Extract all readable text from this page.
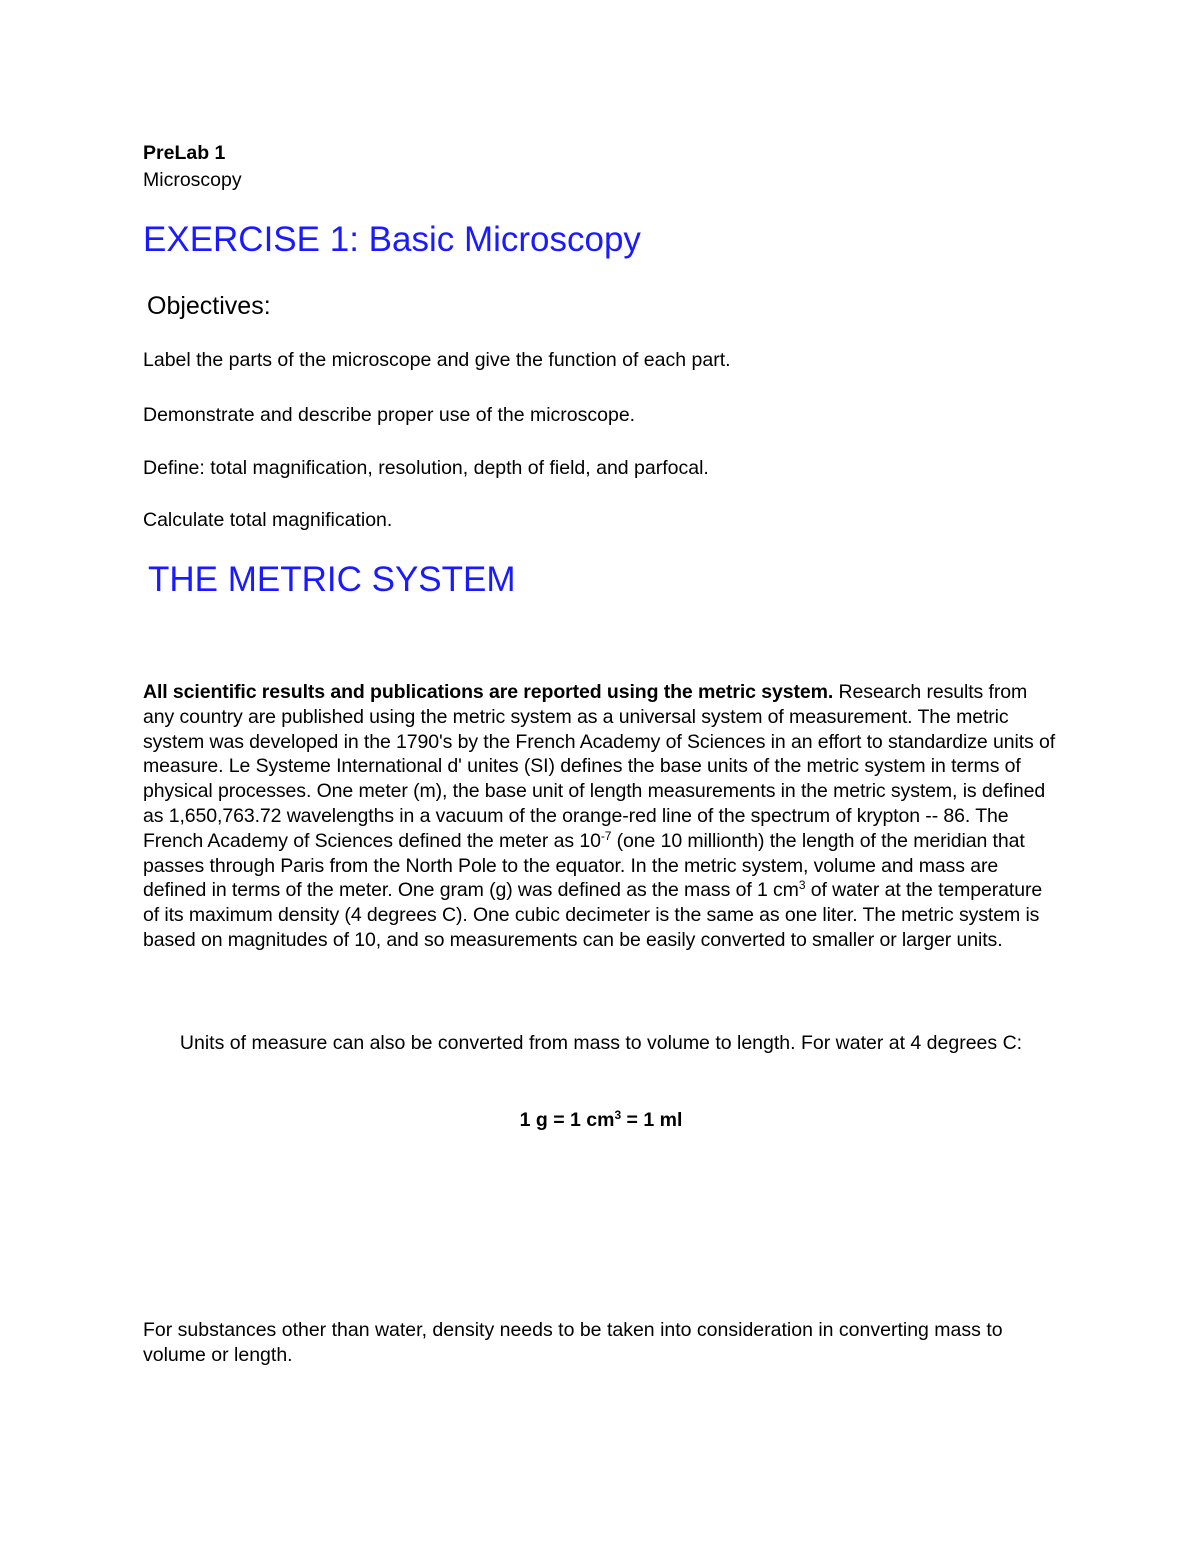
PreLab 1

Microscopy

EXERCISE 1: Basic Microscopy

Objectives:

Label the parts of the microscope and give the function of each part.

Demonstrate and describe proper use of the microscope.

Define: total magnification, resolution, depth of field, and parfocal.

Calculate total magnification.

THE METRIC SYSTEM

All scientific results and publications are reported using the metric system. Research results from any country are published using the metric system as a universal system of measurement. The metric system was developed in the 1790's by the French Academy of Sciences in an effort to standardize units of measure. Le Systeme International d' unites (SI) defines the base units of the metric system in terms of physical processes. One meter (m), the base unit of length measurements in the metric system, is defined as 1,650,763.72 wavelengths in a vacuum of the orange-red line of the spectrum of krypton -- 86. The French Academy of Sciences defined the meter as $10^{-7}$ (one 10 millionth) the length of the meridian that passes through Paris from the North Pole to the equator. In the metric system, volume and mass are defined in terms of the meter. One gram (g) was defined as the mass of 1 $cm^3$ of water at the temperature of its maximum density (4 degrees C). One cubic decimeter is the same as one liter. The metric system is based on magnitudes of 10, and so measurements can be easily converted to smaller or larger units.

Units of measure can also be converted from mass to volume to length. For water at 4 degrees C:

1 g = 1 $cm^3 = 1$ ml

For substances other than water, density needs to be taken into consideration in converting mass to volume or length.
